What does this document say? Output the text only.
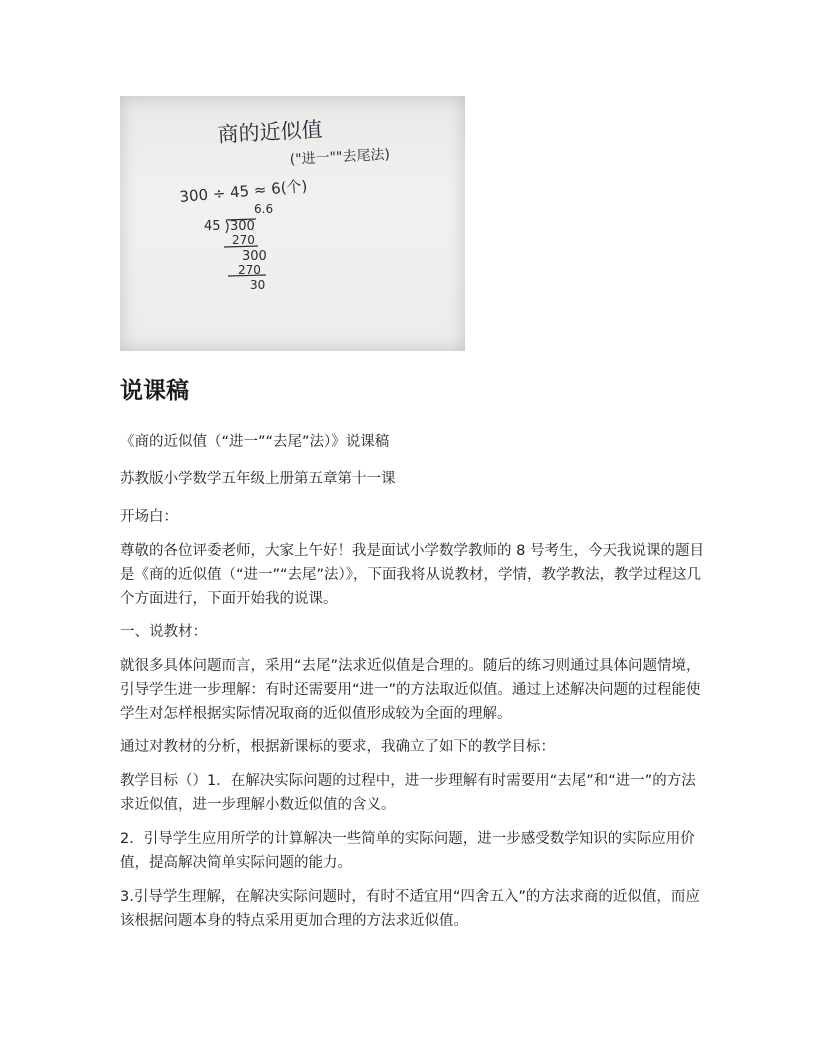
商的近似值
("进一""去尾法)
300 ÷ 45 ≈ 6(个)
6.6
45 300
270
300
270
30
说课稿

《商的近似值（“进一”“去尾”法）》说课稿

苏教版小学数学五年级上册第五章第十一课

开场白：

尊敬的各位评委老师，大家上午好！我是面试小学数学教师的 8 号考生，今天我说课的题目是《商的近似值（“进一”“去尾”法）》，下面我将从说教材，学情，教学教法，教学过程这几个方面进行，下面开始我的说课。

一、说教材：

就很多具体问题而言，采用“去尾”法求近似值是合理的。随后的练习则通过具体问题情境，引导学生进一步理解：有时还需要用“进一”的方法取近似值。通过上述解决问题的过程能使学生对怎样根据实际情况取商的近似值形成较为全面的理解。

通过对教材的分析，根据新课标的要求，我确立了如下的教学目标：

教学目标（）1．在解决实际问题的过程中，进一步理解有时需要用“去尾”和“进一”的方法求近似值，进一步理解小数近似值的含义。

2．引导学生应用所学的计算解决一些简单的实际问题，进一步感受数学知识的实际应用价值，提高解决简单实际问题的能力。

3.引导学生理解，在解决实际问题时，有时不适宜用“四舍五入”的方法求商的近似值，而应该根据问题本身的特点采用更加合理的方法求近似值。
